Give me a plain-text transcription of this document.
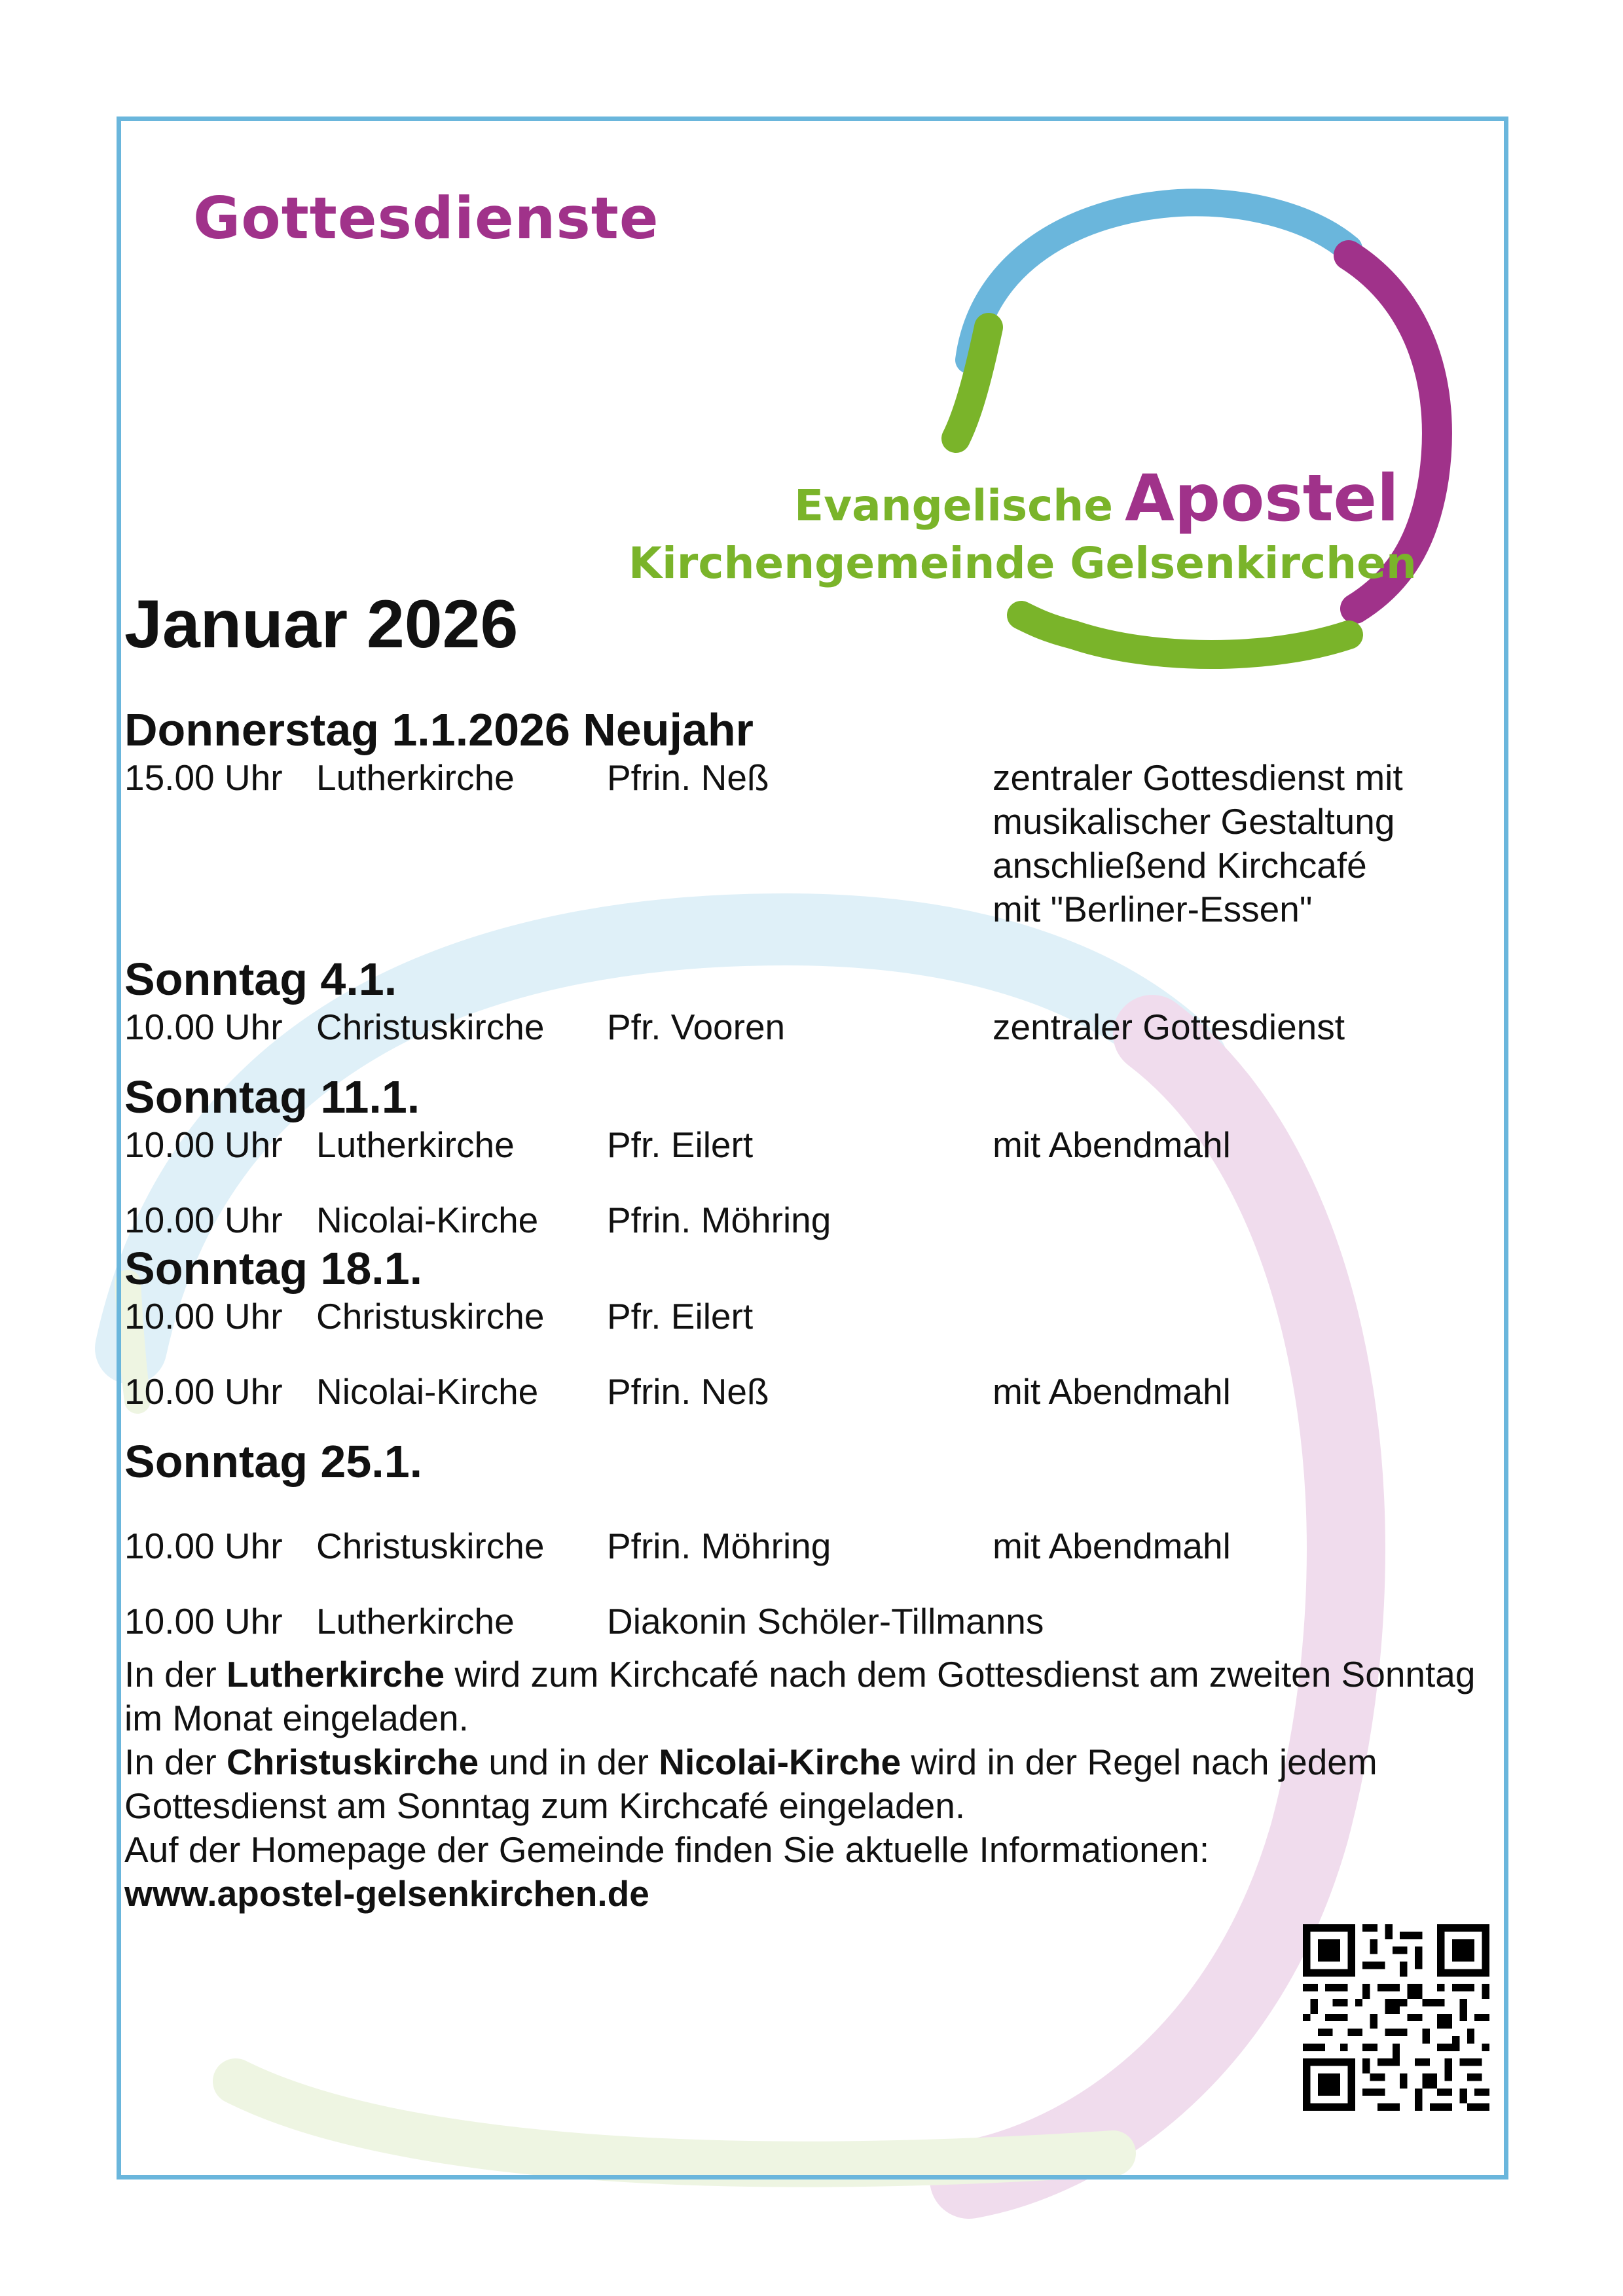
Gottesdienste
Evangelische Apostel
Kirchengemeinde Gelsenkirchen
Januar 2026
Donnerstag 1.1.2026 Neujahr
15.00 Uhr Lutherkirche	Pfrin. Neß	zentraler Gottesdienst mit
musikalischer Gestaltung
anschließend Kirchcafé
mit "Berliner-Essen"
Sonntag 4.1.
10.00 Uhr Christuskirche Pfr. Vooren	zentraler Gottesdienst
Sonntag 11.1.
10.00 Uhr Lutherkirche	Pfr. Eilert	mit Abendmahl
10.00 Uhr Nicolai-Kirche Pfrin. Möhring
Sonntag 18.1.
10.00 Uhr Christuskirche Pfr. Eilert
10.00 Uhr Nicolai-Kirche Pfrin. Neß	mit Abendmahl
Sonntag 25.1.
10.00 Uhr Christuskirche Pfrin. Möhring	mit Abendmahl
10.00 Uhr Lutherkirche	Diakonin Schöler-Tillmanns

In der Lutherkirche wird zum Kirchcafé nach dem Gottesdienst am zweiten Sonntag im Monat eingeladen.

In der Christuskirche und in der Nicolai-Kirche wird in der Regel nach jedem Gottesdienst am Sonntag zum Kirchcafé eingeladen.

Auf der Homepage der Gemeinde finden Sie aktuelle Informationen:

www.apostel-gelsenkirchen.de
